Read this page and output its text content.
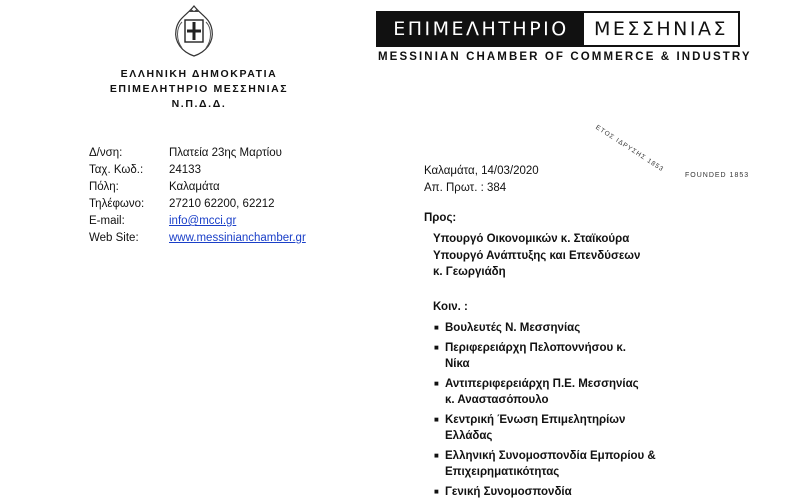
ΕΛΛΗΝΙΚΗ ΔΗΜΟΚΡΑΤΙΑ
ΕΠΙΜΕΛΗΤΗΡΙΟ ΜΕΣΣΗΝΙΑΣ
Ν.Π.Δ.Δ.
ΕΠΙΜΕΛΗΤΗΡΙΟ	ΜΕΣΣΗΝΙΑΣ
MESSINIAN CHAMBER OF COMMERCE & INDUSTRY
ΕΤΟΣ ΙΔΡΥΣΗΣ 1853
FOUNDED 1853
Δ/νση:	Πλατεία 23ης Μαρτίου
Ταχ. Κωδ.:	24133
Πόλη:	Καλαμάτα
Τηλέφωνο:	27210 62200, 62212
E-mail:	info@mcci.gr
Web Site:	www.messinianchamber.gr
Καλαμάτα, 14/03/2020
Απ. Πρωτ. : 384
Προς:
Υπουργό Οικονομικών κ. Σταϊκούρα
Υπουργό Ανάπτυξης και Επενδύσεων
κ. Γεωργιάδη
Κοιν. :
■ Βουλευτές Ν. Μεσσηνίας
■ Περιφερειάρχη Πελοποννήσου κ.
Νίκα
■ Αντιπεριφερειάρχη Π.Ε. Μεσσηνίας
κ. Αναστασόπουλο
■ Κεντρική Ένωση Επιμελητηρίων
Ελλάδας
■ Ελληνική Συνομοσπονδία Εμπορίου &
Επιχειρηματικότητας
■ Γενική Συνομοσπονδία
